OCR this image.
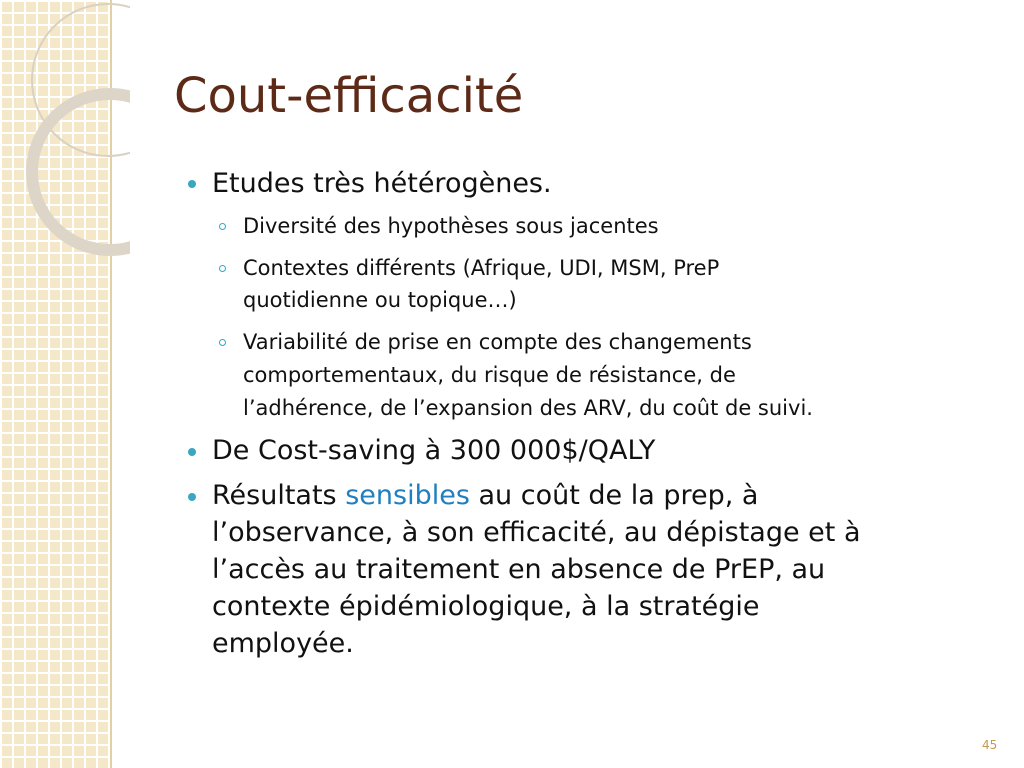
Cout-efficacité

Etudes très hétérogènes.

Diversité des hypothèses sous jacentes

Contextes différents (Afrique, UDI, MSM, PreP

quotidienne ou topique…)

Variabilité de prise en compte des changements

comportementaux, du risque de résistance, de

l’adhérence, de l’expansion des ARV, du coût de suivi.

De Cost-saving à 300 000$/QALY

Résultats sensibles au coût de la prep, à

l’observance, à son efficacité, au dépistage et à

l’accès au traitement en absence de PrEP, au

contexte épidémiologique, à la stratégie

employée.

45
